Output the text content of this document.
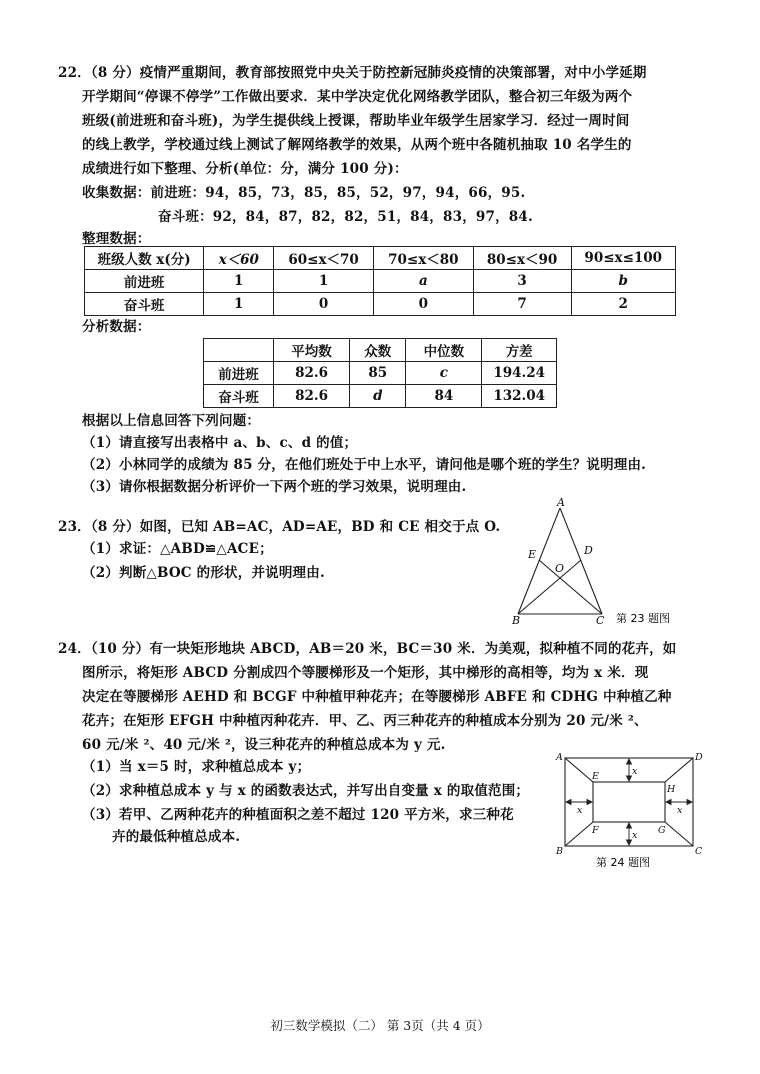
22．（8 分）疫情严重期间，教育部按照党中央关于防控新冠肺炎疫情的决策部署，对中小学延期
开学期间“停课不停学”工作做出要求．某中学决定优化网络教学团队，整合初三年级为两个
班级(前进班和奋斗班)，为学生提供线上授课，帮助毕业年级学生居家学习．经过一周时间
的线上教学，学校通过线上测试了解网络教学的效果，从两个班中各随机抽取 10 名学生的
成绩进行如下整理、分析(单位：分，满分 100 分)：
收集数据：前进班：94，85，73，85，85，52，97，94，66，95.
奋斗班：92，84，87，82，82，51，84，83，97，84.
整理数据：
班级人数 x(分)	x＜60	60≤x＜70	70≤x＜80	80≤x＜90	90≤x≤100
前进班	1	1	a	3	b
奋斗班	1	0	0	7	2
分析数据：
	平均数	众数	中位数	方差
前进班	82.6	85	c	194.24
奋斗班	82.6	d	84	132.04
根据以上信息回答下列问题：
（1）请直接写出表格中 a、b、c、d 的值；
（2）小林同学的成绩为 85 分，在他们班处于中上水平，请问他是哪个班的学生？说明理由.
（3）请你根据数据分析评价一下两个班的学习效果，说明理由.
23．（8 分）如图，已知 AB=AC，AD=AE，BD 和 CE 相交于点 O.
（1）求证：△ABD≌△ACE；
（2）判断△BOC 的形状，并说明理由.
A
E	D
O
B	C 第 23 题图
24．（10 分）有一块矩形地块 ABCD，AB＝20 米，BC＝30 米．为美观，拟种植不同的花卉，如
图所示，将矩形 ABCD 分割成四个等腰梯形及一个矩形，其中梯形的高相等，均为 x 米．现
决定在等腰梯形 AEHD 和 BCGF 中种植甲种花卉；在等腰梯形 ABFE 和 CDHG 中种植乙种
花卉；在矩形 EFGH 中种植丙种花卉．甲、乙、丙三种花卉的种植成本分别为 20 元/米 ²、
60 元/米 ²、40 元/米 ²，设三种花卉的种植总成本为 y 元.
（1）当 x＝5 时，求种植总成本 y；
（2）求种植总成本 y 与 x 的函数表达式，并写出自变量 x 的取值范围；
（3）若甲、乙两种花卉的种植面积之差不超过 120 平方米，求三种花
卉的最低种植总成本.
A	D
E
H
F	G
B	C
x
x
x	x
第 24 题图
初三数学模拟（二） 第 3页（共 4 页）
